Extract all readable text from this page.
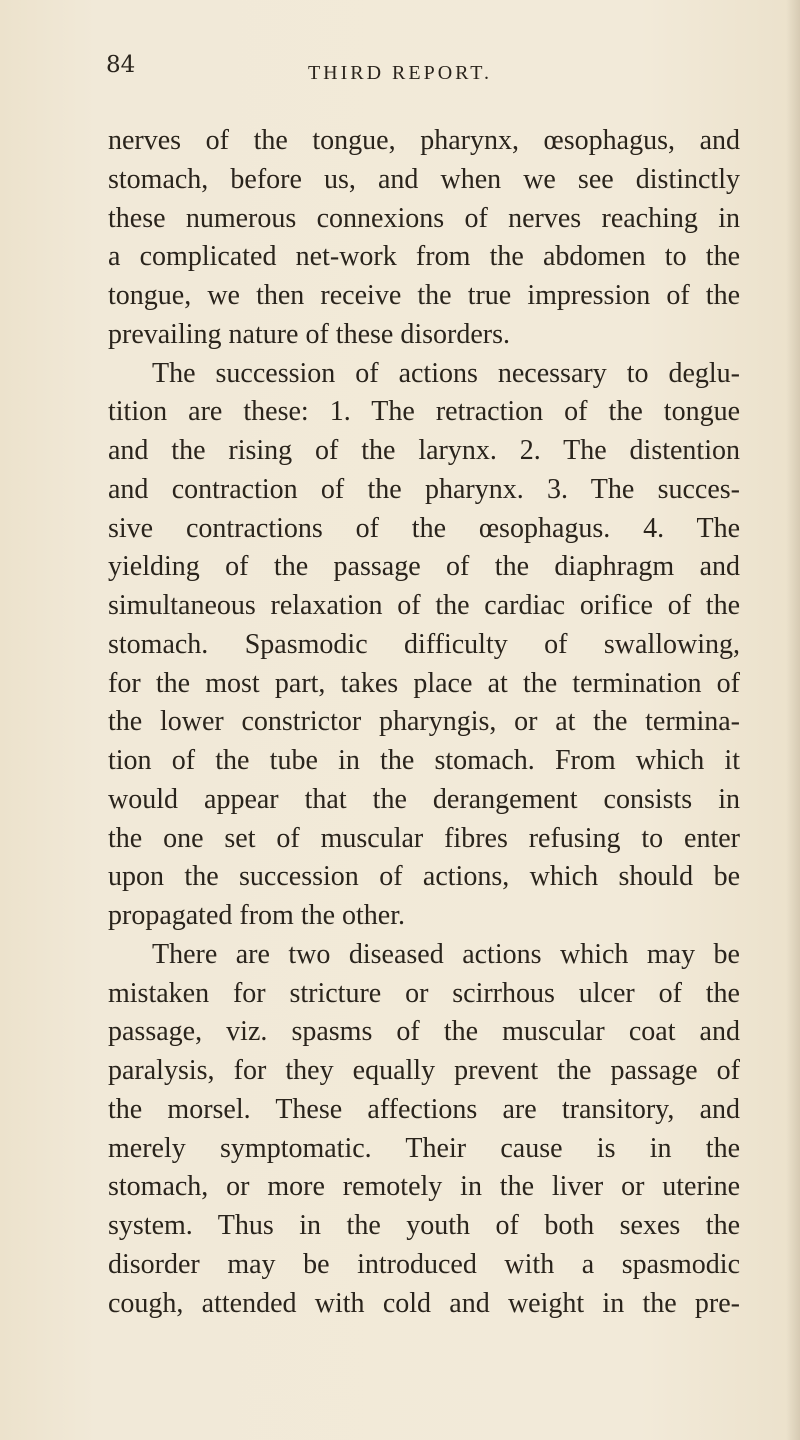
84	THIRD REPORT.
nerves of the tongue, pharynx, œsophagus, and
stomach, before us, and when we see distinctly
these numerous connexions of nerves reaching in
a complicated net-work from the abdomen to the
tongue, we then receive the true impression of the
prevailing nature of these disorders.
The succession of actions necessary to deglu-
tition are these: 1. The retraction of the tongue
and the rising of the larynx. 2. The distention
and contraction of the pharynx. 3. The succes-
sive contractions of the œsophagus. 4. The
yielding of the passage of the diaphragm and
simultaneous relaxation of the cardiac orifice of the
stomach. Spasmodic difficulty of swallowing,
for the most part, takes place at the termination of
the lower constrictor pharyngis, or at the termina-
tion of the tube in the stomach. From which it
would appear that the derangement consists in
the one set of muscular fibres refusing to enter
upon the succession of actions, which should be
propagated from the other.
There are two diseased actions which may be
mistaken for stricture or scirrhous ulcer of the
passage, viz. spasms of the muscular coat and
paralysis, for they equally prevent the passage of
the morsel. These affections are transitory, and
merely symptomatic. Their cause is in the
stomach, or more remotely in the liver or uterine
system. Thus in the youth of both sexes the
disorder may be introduced with a spasmodic
cough, attended with cold and weight in the pre-
